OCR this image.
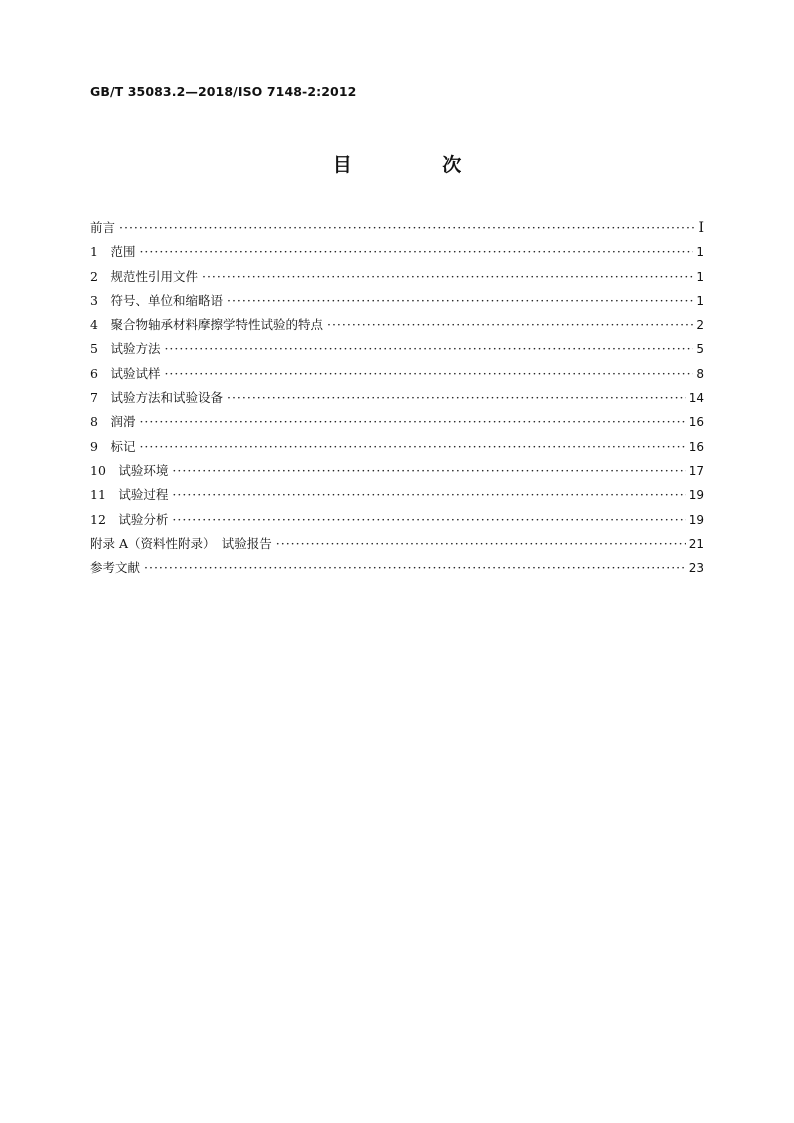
GB/T 35083.2—2018/ISO 7148-2:2012
目 次
前言 ·····	I
1　范围 ·····	1
2　规范性引用文件 ·····	1
3　符号、单位和缩略语 ·····	1
4　聚合物轴承材料摩擦学特性试验的特点 ·····	2
5　试验方法 ·····	5
6　试验试样 ·····	8
7　试验方法和试验设备 ·····	14
8　润滑 ·····	16
9　标记 ·····	16
10　试验环境 ·····	17
11　试验过程 ·····	19
12　试验分析 ·····	19
附录 A（资料性附录）　试验报告 ·····	21
参考文献 ·····	23
